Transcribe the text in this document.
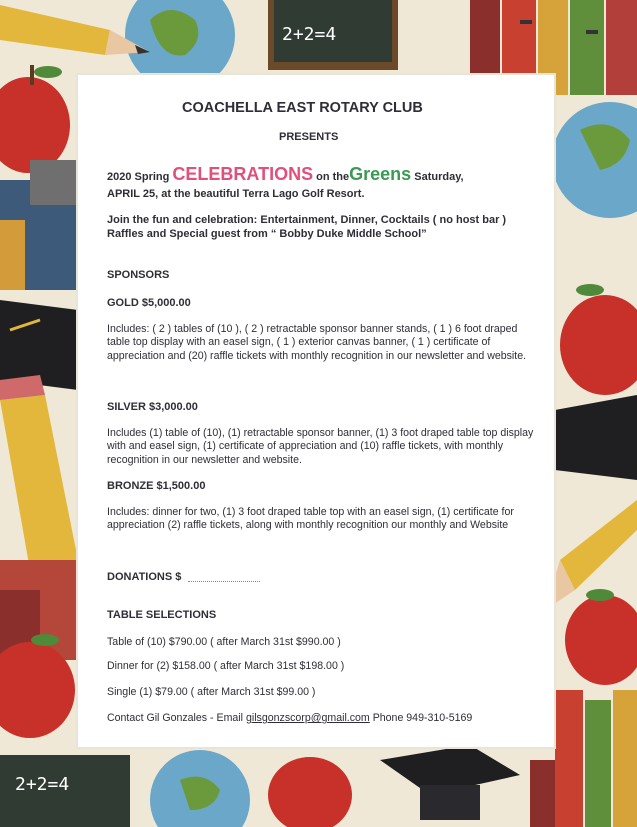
2+2=4
2+2=4

COACHELLA EAST ROTARY CLUB

PRESENTS

2020 Spring CELEBRATIONS on theGreens Saturday,

APRIL 25, at the beautiful Terra Lago Golf Resort.

Join the fun and celebration: Entertainment, Dinner, Cocktails ( no host bar )

Raffles and Special guest from “ Bobby Duke Middle School”

SPONSORS

GOLD $5,000.00

Includes: ( 2 ) tables of (10 ), ( 2 ) retractable sponsor banner stands, ( 1 ) 6 foot draped table top display with an easel sign, ( 1 ) exterior canvas banner, ( 1 ) certificate of appreciation and (20) raffle tickets with monthly recognition in our newsletter and website.

SILVER $3,000.00

Includes (1) table of (10), (1) retractable sponsor banner, (1) 3 foot draped table top display with and easel sign, (1) certificate of appreciation and (10) raffle tickets, with monthly recognition in our newsletter and website.

BRONZE $1,500.00

Includes: dinner for two, (1) 3 foot draped table top with an easel sign, (1) certificate for appreciation (2) raffle tickets, along with monthly recognition our monthly and Website

DONATIONS $

TABLE SELECTIONS

Table of (10) $790.00 ( after March 31st $990.00 )

Dinner for (2) $158.00 ( after March 31st $198.00 )

Single (1) $79.00 ( after March 31st $99.00 )

Contact Gil Gonzales - Email gilsgonzscorp@gmail.com Phone 949-310-5169
